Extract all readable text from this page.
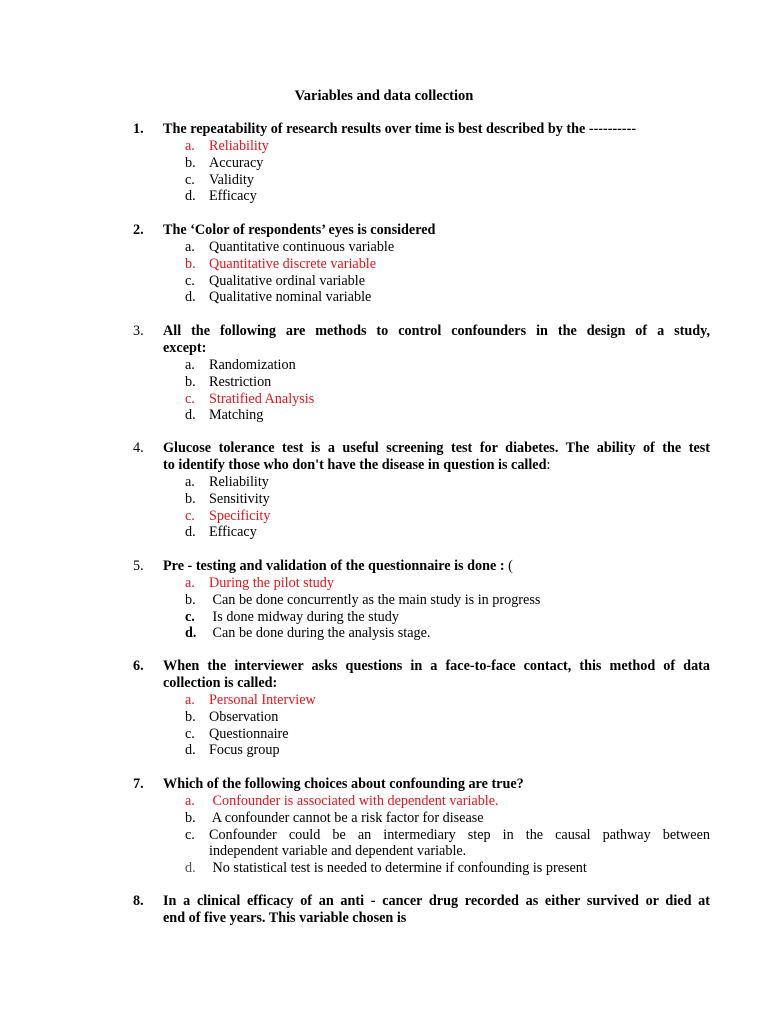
Variables and data collection
1.	The repeatability of research results over time is best described by the ----------
a. Reliability
b. Accuracy
c. Validity
d. Efficacy
2.	The ‘Color of respondents’ eyes is considered
a. Quantitative continuous variable
b. Quantitative discrete variable
c. Qualitative ordinal variable
d. Qualitative nominal variable
3.	All the following are methods to control confounders in the design of a study,
except:
a. Randomization
b. Restriction
c. Stratified Analysis
d. Matching
4.	Glucose tolerance test is a useful screening test for diabetes. The ability of the test
to identify those who don't have the disease in question is called:
a. Reliability
b. Sensitivity
c. Specificity
d. Efficacy
5.	Pre - testing and validation of the questionnaire is done : (
a. During the pilot study
b. Can be done concurrently as the main study is in progress
c. Is done midway during the study
d. Can be done during the analysis stage.
6.	When the interviewer asks questions in a face-to-face contact, this method of data
collection is called:
a. Personal Interview
b. Observation
c. Questionnaire
d. Focus group
7.	Which of the following choices about confounding are true?
a. Confounder is associated with dependent variable.
b. A confounder cannot be a risk factor for disease
c. Confounder could be an intermediary step in the causal pathway between
independent variable and dependent variable.
d. No statistical test is needed to determine if confounding is present
8.	In a clinical efficacy of an anti - cancer drug recorded as either survived or died at
end of five years. This variable chosen is
